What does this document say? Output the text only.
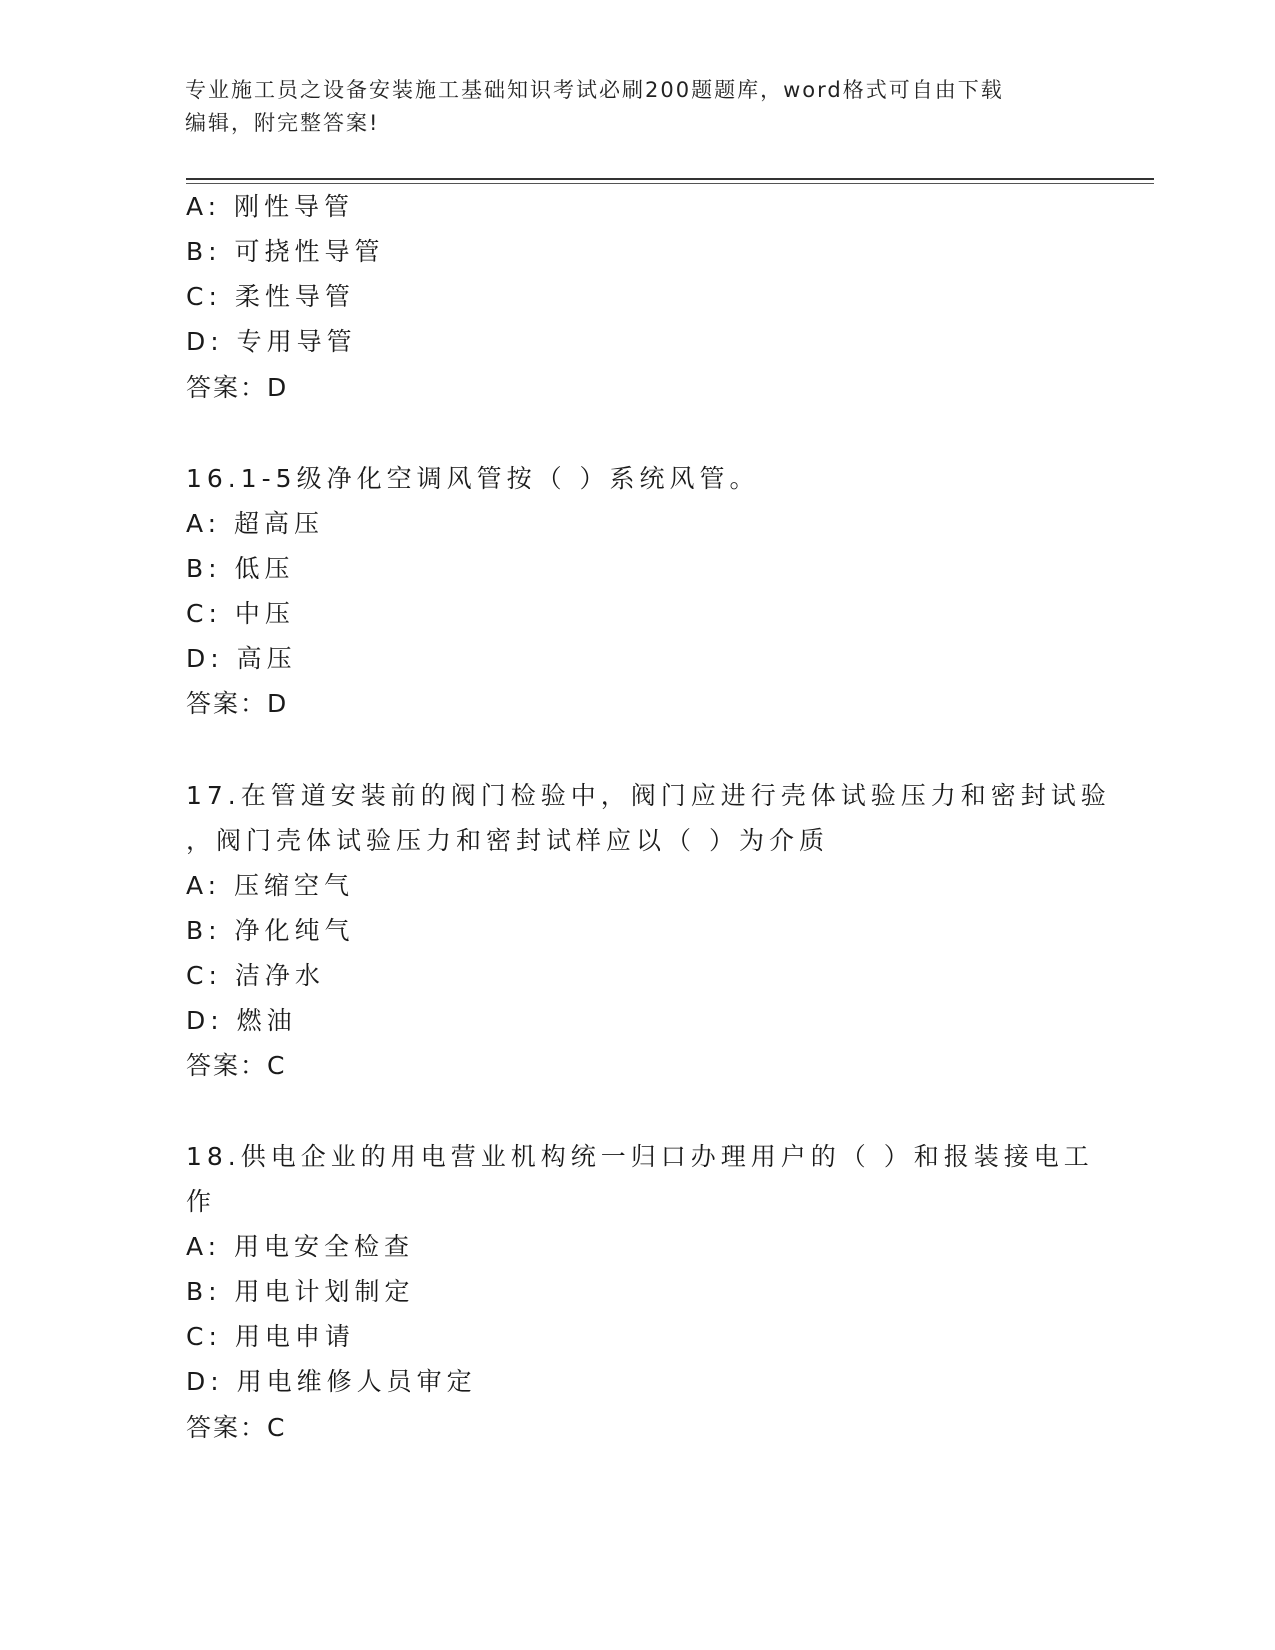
专业施工员之设备安装施工基础知识考试必刷200题题库，word格式可自由下载
编辑，附完整答案!
A: 刚性导管
B: 可挠性导管
C: 柔性导管
D: 专用导管
答案：D
16.1-5级净化空调风管按（ ）系统风管。
A: 超高压
B: 低压
C: 中压
D: 高压
答案：D
17.在管道安装前的阀门检验中，阀门应进行壳体试验压力和密封试验
，阀门壳体试验压力和密封试样应以（ ）为介质
A: 压缩空气
B: 净化纯气
C: 洁净水
D: 燃油
答案：C
18.供电企业的用电营业机构统一归口办理用户的（ ）和报装接电工
作
A: 用电安全检查
B: 用电计划制定
C: 用电申请
D: 用电维修人员审定
答案：C
